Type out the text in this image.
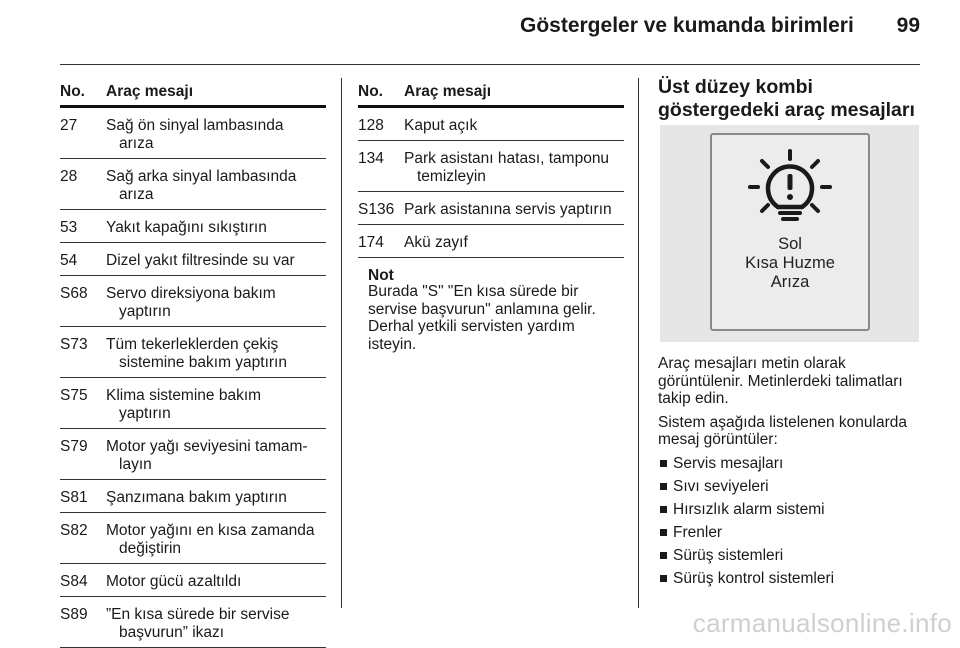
Göstergeler ve kumanda birimleri	99
No. Araç mesajı
27 Sağ ön sinyal lambasında
arıza
28 Sağ arka sinyal lambasında
arıza
53 Yakıt kapağını sıkıştırın
54 Dizel yakıt filtresinde su var
S68 Servo direksiyona bakım
yaptırın
S73 Tüm tekerleklerden çekiş
sistemine bakım yaptırın
S75 Klima sistemine bakım
yaptırın
S79 Motor yağı seviyesini tamam-
layın
S81 Şanzımana bakım yaptırın
S82 Motor yağını en kısa zamanda
değiştirin
S84 Motor gücü azaltıldı
S89 ”En kısa sürede bir servise
başvurun” ikazı
No. Araç mesajı
128 Kaput açık
134 Park asistanı hatası, tamponu
temizleyin
S136 Park asistanına servis yaptırın
174 Akü zayıf
Not
Burada "S" "En kısa sürede bir servise başvurun" anlamına gelir. Derhal yetkili servisten yardım isteyin.
Üst düzey kombi göstergedeki araç mesajları
Sol
Kısa Huzme
Arıza

Araç mesajları metin olarak görüntülenir. Metinlerdeki talimatları takip edin.

Sistem aşağıda listelenen konularda mesaj görüntüler:

Servis mesajları
Sıvı seviyeleri
Hırsızlık alarm sistemi
Frenler
Sürüş sistemleri
Sürüş kontrol sistemleri
carmanualsonline.info
